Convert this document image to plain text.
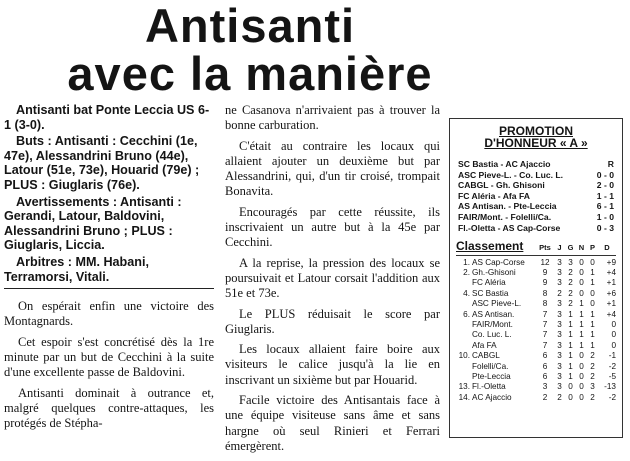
Antisanti
avec la manière

Antisanti bat Ponte Leccia US 6-1 (3-0).

Buts : Antisanti : Cecchini (1e, 47e), Alessandrini Bruno (44e), Latour (51e, 73e), Houarid (79e) ; PLUS : Giuglaris (76e).

Avertissements : Antisanti : Gerandi, Latour, Baldovini, Alessandrini Bruno ; PLUS : Giuglaris, Liccia.

Arbitres : MM. Habani, Terramorsi, Vitali.

On espérait enfin une victoire des Montagnards.

Cet espoir s'est concrétisé dès la 1re minute par un but de Cecchini à la suite d'une excellente passe de Baldovini.

Antisanti dominait à outrance et, malgré quelques contre-attaques, les protégés de Stépha-

ne Casanova n'arrivaient pas à trouver la bonne carburation.

C'était au contraire les locaux qui allaient ajouter un deuxième but par Alessandrini, qui, d'un tir croisé, trompait Bonavita.

Encouragés par cette réussite, ils inscrivaient un autre but à la 45e par Cecchini.

A la reprise, la pression des locaux se poursuivait et Latour corsait l'addition aux 51e et 73e.

Le PLUS réduisait le score par Giuglaris.

Les locaux allaient faire boire aux visiteurs le calice jusqu'à la lie en inscrivant un sixième but par Houarid.

Facile victoire des Antisantais face à une équipe visiteuse sans âme et sans hargne où seul Rinieri et Ferrari émergèrent.

PROMOTION
D'HONNEUR « A »
SC Bastia - AC Ajaccio	R
ASC Pieve-L. - Co. Luc. L.	0 - 0
CABGL - Gh. Ghisoni	2 - 0
FC Aléria - Afa FA	1 - 1
AS Antisan. - Pte-Leccia	6 - 1
FAIR/Mont. - Folelli/Ca.	1 - 0
Fl.-Oletta - AS Cap-Corse	0 - 3
Classement	Pts J G N P	D
1. AS Cap-Corse	12 3 3 0 0	+9
2. Gh.-Ghisoni	9	3 2 0 1	+4
FC Aléria	9	3 2 0 1	+1
4. SC Bastia	8	2 2 0 0	+6
ASC Pieve-L.	8	3 2 1 0	+1
6. AS Antisan.	7	3 1 1 1	+4
FAIR/Mont.	7	3 1 1 1	0
Co. Luc. L.	7	3 1 1 1	0
Afa FA	7	3 1 1 1	0
10. CABGL	6	3 1 0 2	-1
Folelli/Ca.	6	3 1 0 2	-2
Pte-Leccia	6	3 1 0 2	-5
13. Fl.-Oletta	3	3 0 0 3	-13
14. AC Ajaccio	2	2 0 0 2	-2
